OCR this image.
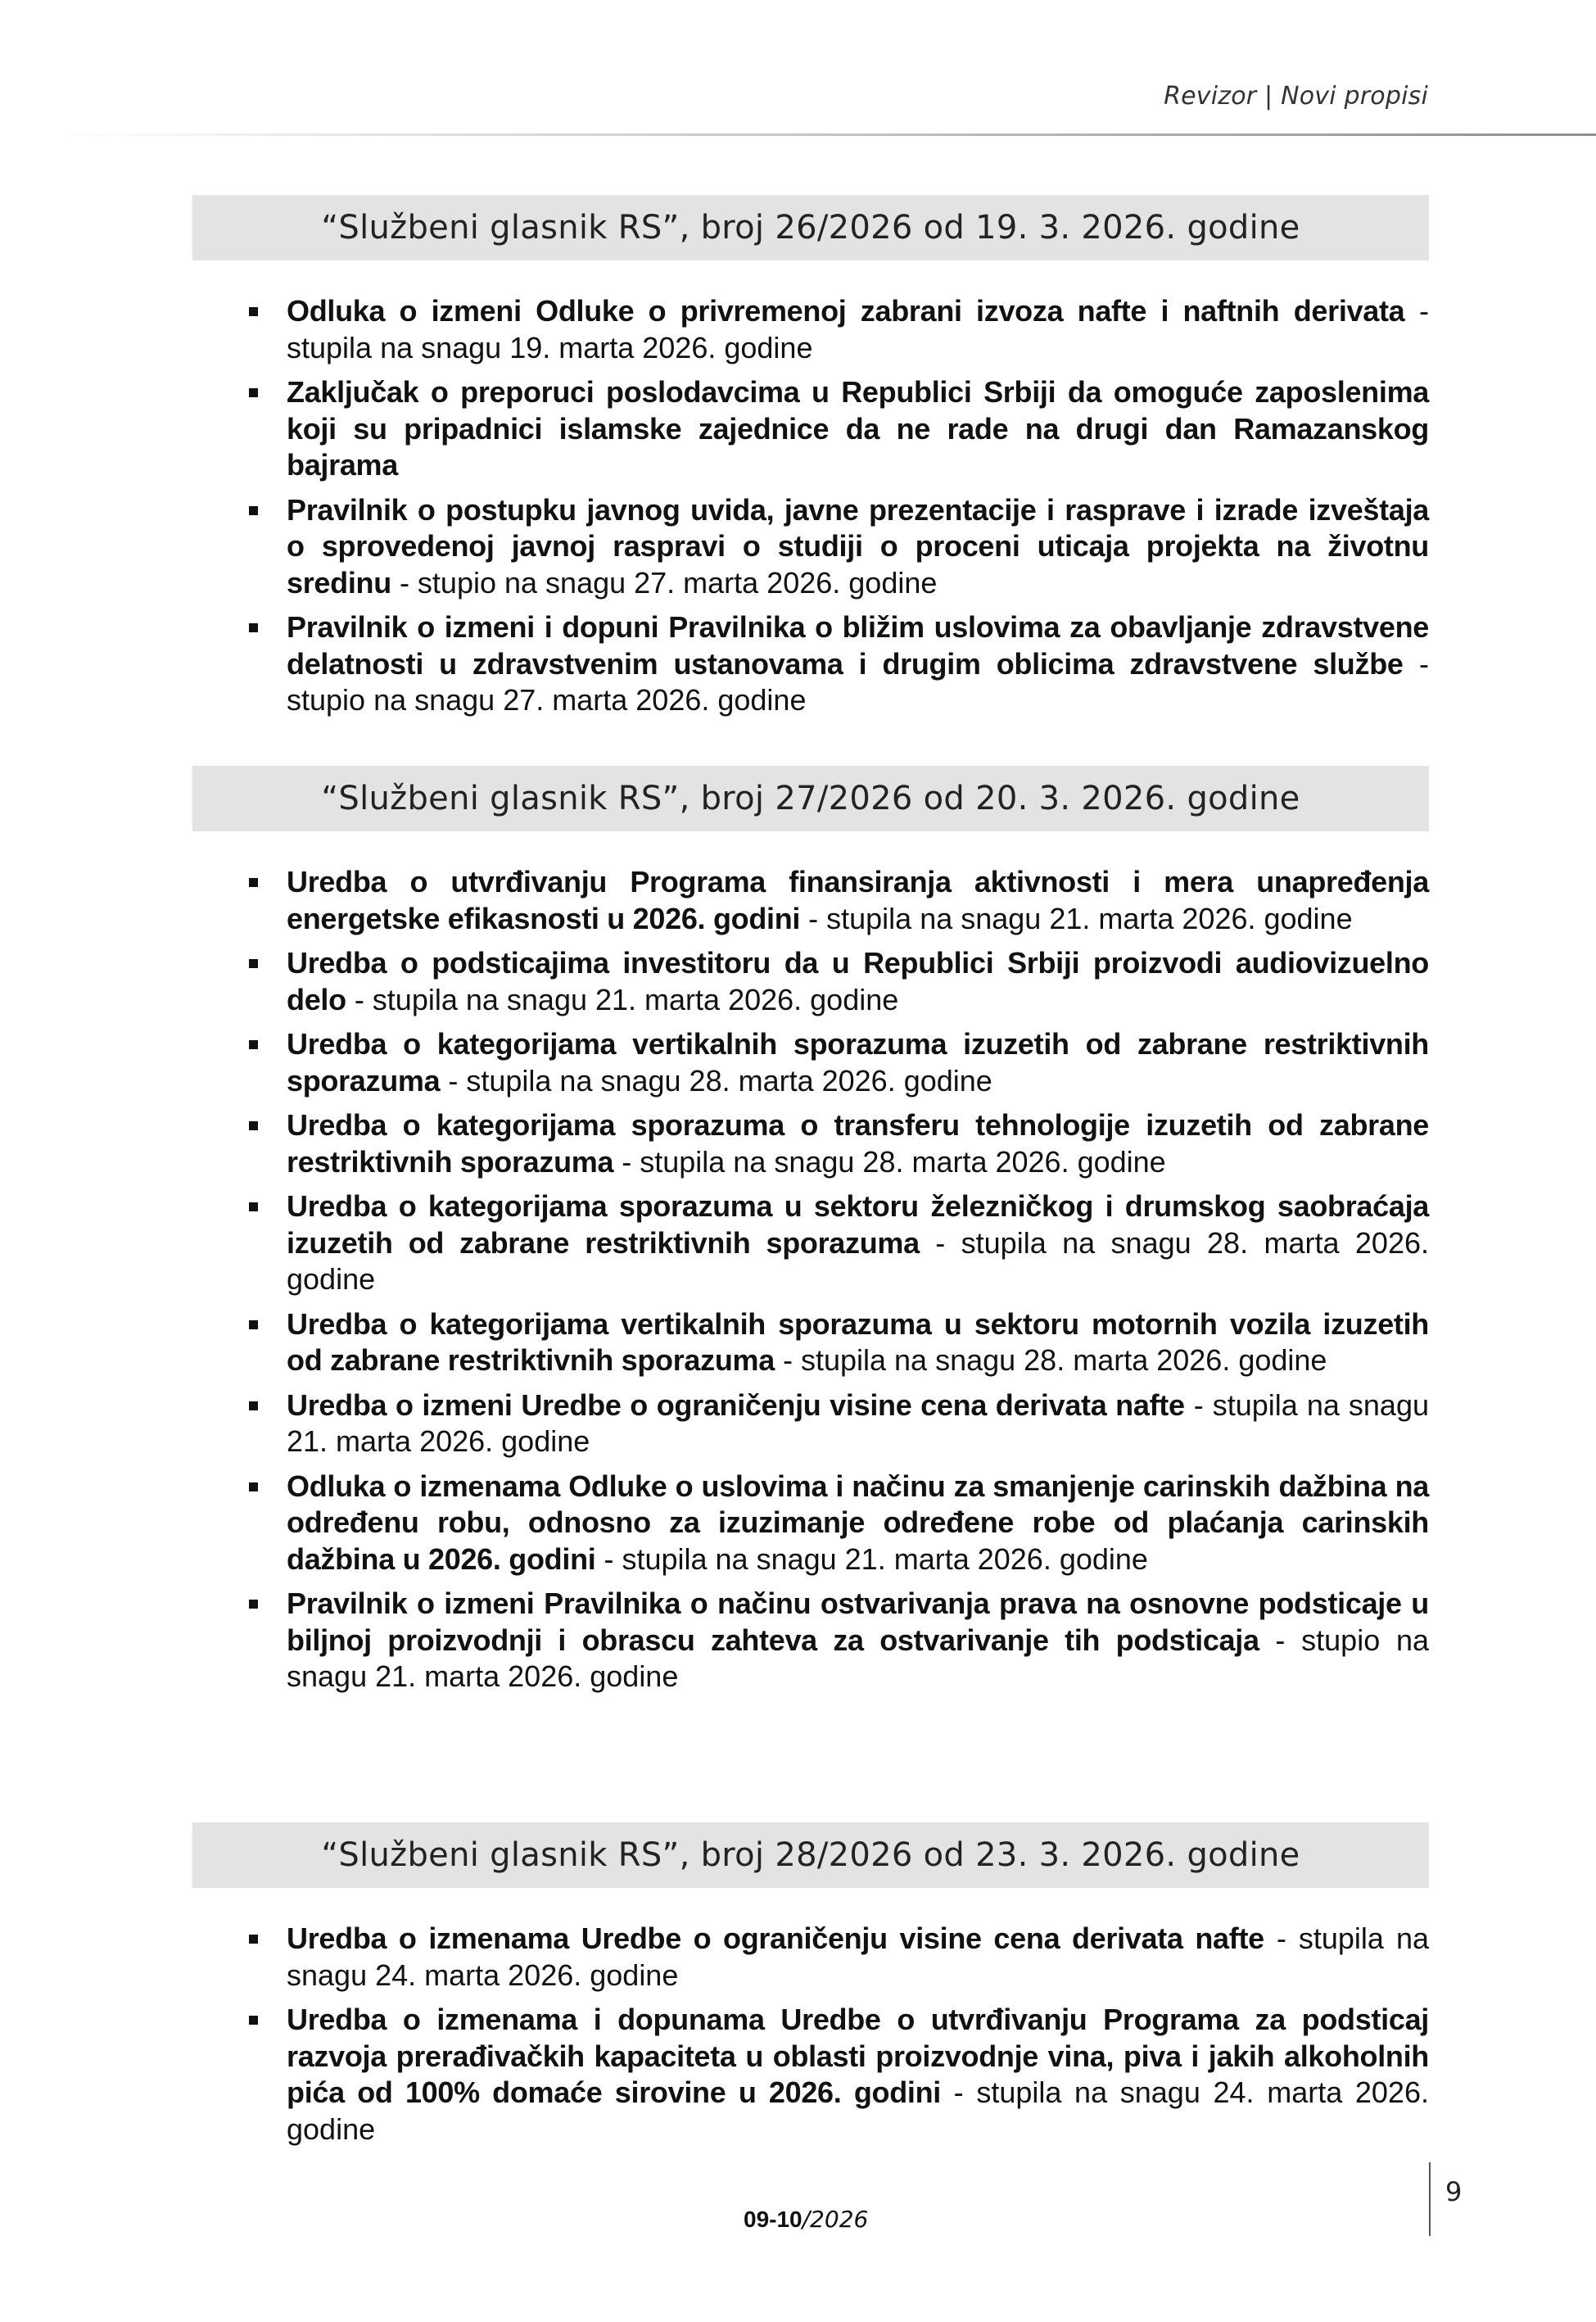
Revizor | Novi propisi
“Službeni glasnik RS”, broj 26/2026 od 19. 3. 2026. godine
Odluka o izmeni Odluke o privremenoj zabrani izvoza nafte i naftnih derivata - stupila na snagu 19. marta 2026. godine
Zaključak o preporuci poslodavcima u Republici Srbiji da omoguće zaposlenima koji su pripadnici islamske zajednice da ne rade na drugi dan Ramazanskog bajrama
Pravilnik o postupku javnog uvida, javne prezentacije i rasprave i izrade izveštaja o sprovedenoj javnoj raspravi o studiji o proceni uticaja projekta na životnu sredinu - stupio na snagu 27. marta 2026. godine
Pravilnik o izmeni i dopuni Pravilnika o bližim uslovima za obavljanje zdravstvene delatnosti u zdravstvenim ustanovama i drugim oblicima zdravstvene službe - stupio na snagu 27. marta 2026. godine
“Službeni glasnik RS”, broj 27/2026 od 20. 3. 2026. godine
Uredba o utvrđivanju Programa finansiranja aktivnosti i mera unapređenja energetske efikasnosti u 2026. godini - stupila na snagu 21. marta 2026. godine
Uredba o podsticajima investitoru da u Republici Srbiji proizvodi audiovizuelno delo - stupila na snagu 21. marta 2026. godine
Uredba o kategorijama vertikalnih sporazuma izuzetih od zabrane restriktivnih sporazuma - stupila na snagu 28. marta 2026. godine
Uredba o kategorijama sporazuma o transferu tehnologije izuzetih od zabrane restriktivnih sporazuma - stupila na snagu 28. marta 2026. godine
Uredba o kategorijama sporazuma u sektoru železničkog i drumskog saobraćaja izuzetih od zabrane restriktivnih sporazuma - stupila na snagu 28. marta 2026. godine
Uredba o kategorijama vertikalnih sporazuma u sektoru motornih vozila izuzetih od zabrane restriktivnih sporazuma - stupila na snagu 28. marta 2026. godine
Uredba o izmeni Uredbe o ograničenju visine cena derivata nafte - stupila na snagu 21. marta 2026. godine
Odluka o izmenama Odluke o uslovima i načinu za smanjenje carinskih dažbina na određenu robu, odnosno za izuzimanje određene robe od plaćanja carinskih dažbina u 2026. godini - stupila na snagu 21. marta 2026. godine
Pravilnik o izmeni Pravilnika o načinu ostvarivanja prava na osnovne podsticaje u biljnoj proizvodnji i obrascu zahteva za ostvarivanje tih podsticaja - stupio na snagu 21. marta 2026. godine
“Službeni glasnik RS”, broj 28/2026 od 23. 3. 2026. godine
Uredba o izmenama Uredbe o ograničenju visine cena derivata nafte - stupila na snagu 24. marta 2026. godine
Uredba o izmenama i dopunama Uredbe o utvrđivanju Programa za podsticaj razvoja prerađivačkih kapaciteta u oblasti proizvodnje vina, piva i jakih alkoholnih pića od 100% domaće sirovine u 2026. godini - stupila na snagu 24. marta 2026. godine
09-10/2026
9
